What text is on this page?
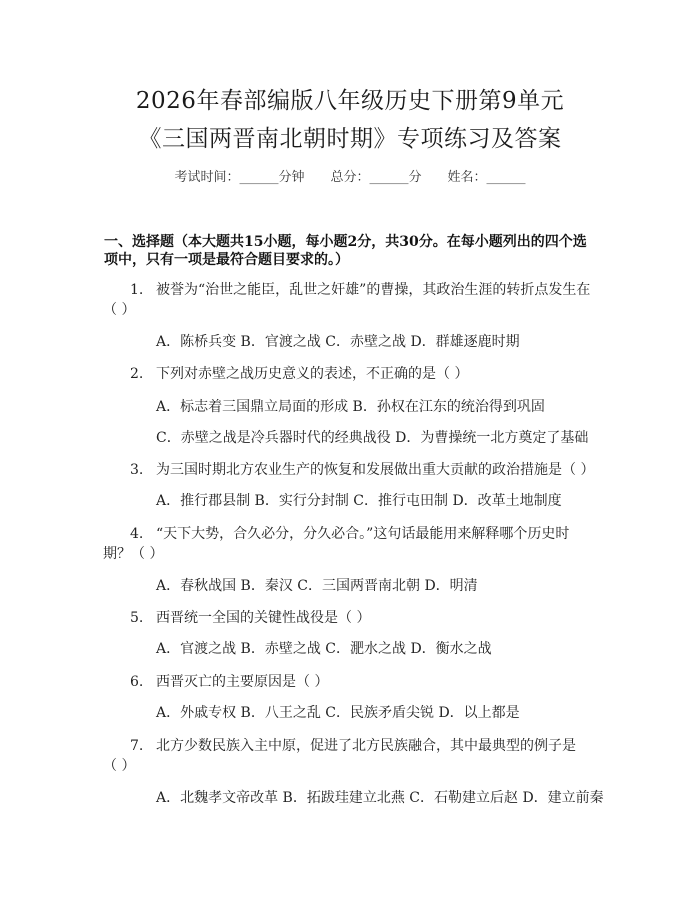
2026年春部编版八年级历史下册第9单元
《三国两晋南北朝时期》专项练习及答案
考试时间：______分钟 总分：______分 姓名：______
一、选择题（本大题共15小题，每小题2分，共30分。在每小题列出的四个选
项中，只有一项是最符合题目要求的。）
1. 被誉为“治世之能臣，乱世之奸雄”的曹操，其政治生涯的转折点发生在
（ ）
A．陈桥兵变 B．官渡之战 C．赤壁之战 D．群雄逐鹿时期
2. 下列对赤壁之战历史意义的表述，不正确的是（ ）
A．标志着三国鼎立局面的形成 B．孙权在江东的统治得到巩固
C．赤壁之战是冷兵器时代的经典战役 D．为曹操统一北方奠定了基础
3. 为三国时期北方农业生产的恢复和发展做出重大贡献的政治措施是（ ）
A．推行郡县制 B．实行分封制 C．推行屯田制 D．改革土地制度
4. “天下大势，合久必分，分久必合。”这句话最能用来解释哪个历史时
期？（ ）
A．春秋战国 B．秦汉 C．三国两晋南北朝 D．明清
5. 西晋统一全国的关键性战役是（ ）
A．官渡之战 B．赤壁之战 C．淝水之战 D．衡水之战
6. 西晋灭亡的主要原因是（ ）
A．外戚专权 B．八王之乱 C．民族矛盾尖锐 D．以上都是
7. 北方少数民族入主中原，促进了北方民族融合，其中最典型的例子是
（ ）
A．北魏孝文帝改革 B．拓跋珪建立北燕 C．石勒建立后赵 D．建立前秦
